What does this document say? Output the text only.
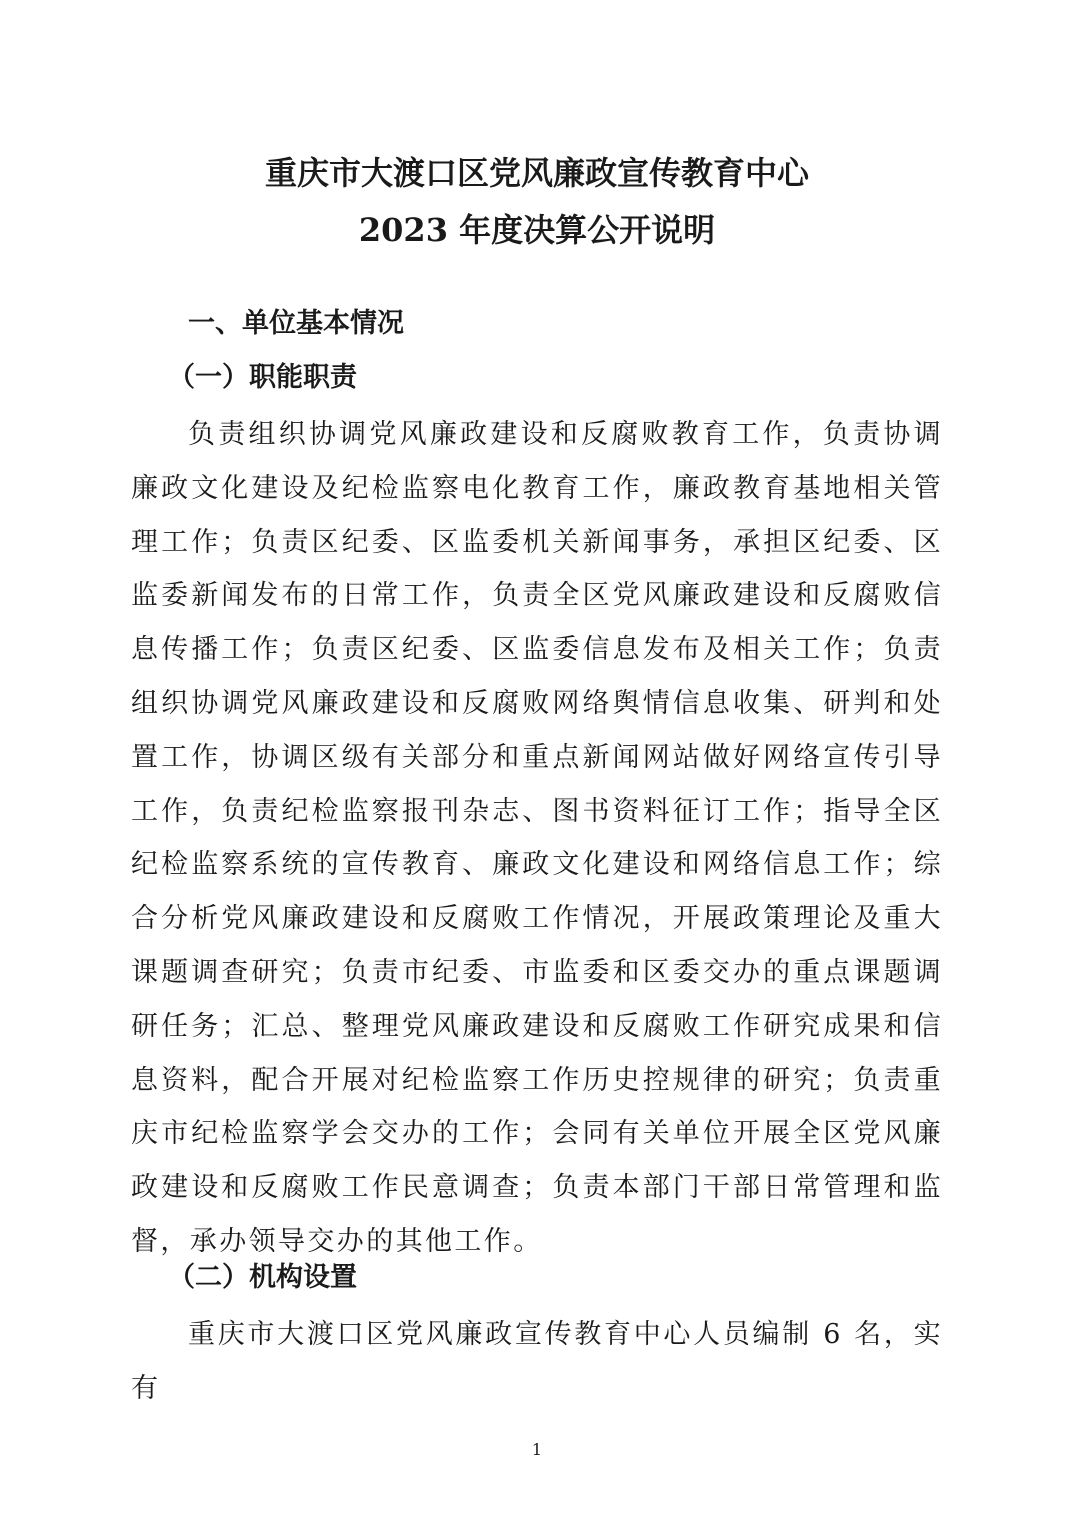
重庆市大渡口区党风廉政宣传教育中心
2023 年度决算公开说明
一、单位基本情况
（一）职能职责

负责组织协调党风廉政建设和反腐败教育工作，负责协调廉政文化建设及纪检监察电化教育工作，廉政教育基地相关管理工作；负责区纪委、区监委机关新闻事务，承担区纪委、区监委新闻发布的日常工作，负责全区党风廉政建设和反腐败信息传播工作；负责区纪委、区监委信息发布及相关工作；负责组织协调党风廉政建设和反腐败网络舆情信息收集、研判和处置工作，协调区级有关部分和重点新闻网站做好网络宣传引导工作，负责纪检监察报刊杂志、图书资料征订工作；指导全区纪检监察系统的宣传教育、廉政文化建设和网络信息工作；综合分析党风廉政建设和反腐败工作情况，开展政策理论及重大课题调查研究；负责市纪委、市监委和区委交办的重点课题调研任务；汇总、整理党风廉政建设和反腐败工作研究成果和信息资料，配合开展对纪检监察工作历史控规律的研究；负责重庆市纪检监察学会交办的工作；会同有关单位开展全区党风廉政建设和反腐败工作民意调查；负责本部门干部日常管理和监督，承办领导交办的其他工作。

（二）机构设置

重庆市大渡口区党风廉政宣传教育中心人员编制 6 名，实有

1
